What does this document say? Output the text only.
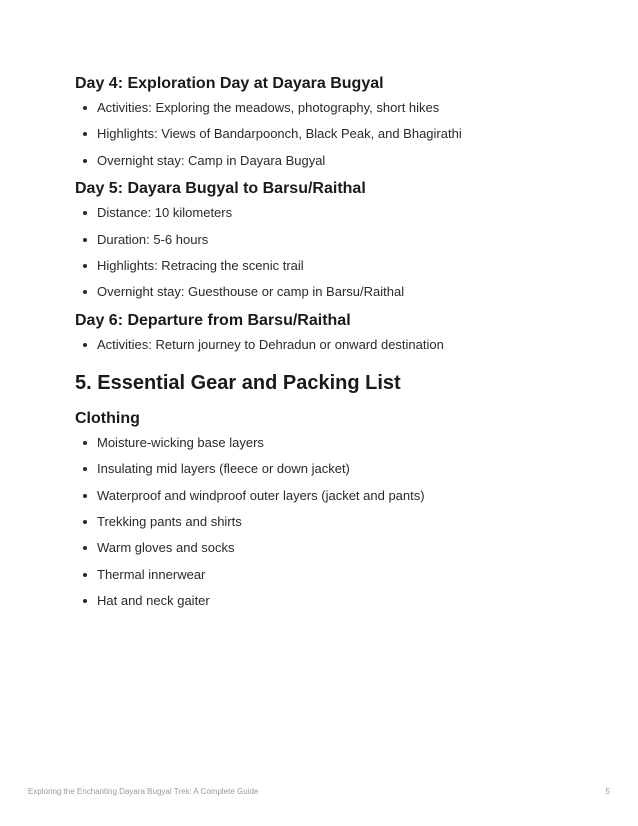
Day 4: Exploration Day at Dayara Bugyal
Activities: Exploring the meadows, photography, short hikes
Highlights: Views of Bandarpoonch, Black Peak, and Bhagirathi
Overnight stay: Camp in Dayara Bugyal
Day 5: Dayara Bugyal to Barsu/Raithal
Distance: 10 kilometers
Duration: 5-6 hours
Highlights: Retracing the scenic trail
Overnight stay: Guesthouse or camp in Barsu/Raithal
Day 6: Departure from Barsu/Raithal
Activities: Return journey to Dehradun or onward destination
5. Essential Gear and Packing List
Clothing
Moisture-wicking base layers
Insulating mid layers (fleece or down jacket)
Waterproof and windproof outer layers (jacket and pants)
Trekking pants and shirts
Warm gloves and socks
Thermal innerwear
Hat and neck gaiter
Exploring the Enchanting Dayara Bugyal Trek: A Complete Guide	5
